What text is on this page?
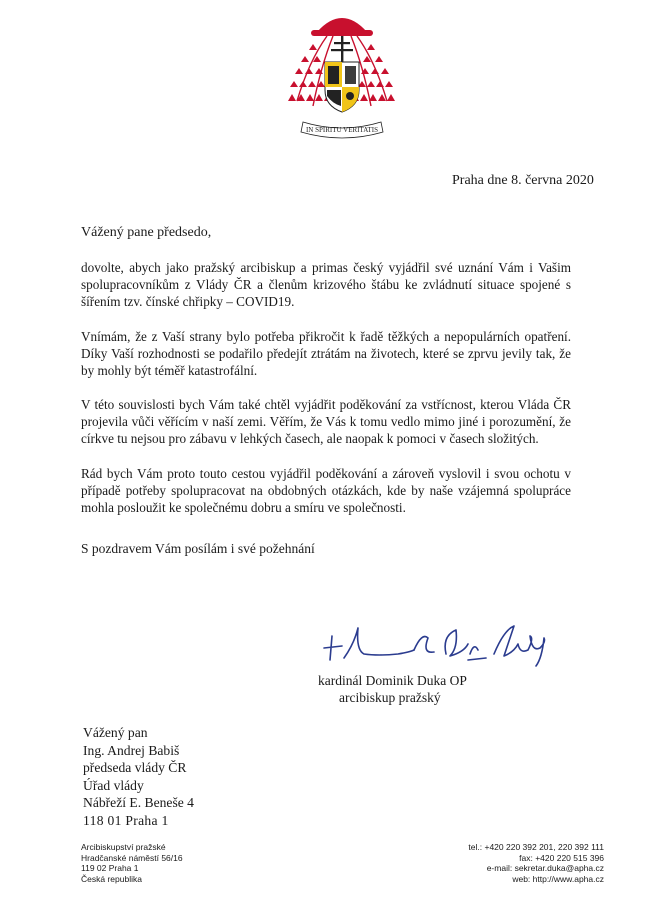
IN SPIRITU VERITATIS
Praha dne 8. června 2020
Vážený pane předsedo,

dovolte, abych jako pražský arcibiskup a primas český vyjádřil své uznání Vám i Vašim spolupracovníkům z Vlády ČR a členům krizového štábu ke zvládnutí situace spojené s šířením tzv. čínské chřipky – COVID19.

Vnímám, že z Vaší strany bylo potřeba přikročit k řadě těžkých a nepopulárních opatření. Díky Vaší rozhodnosti se podařilo předejít ztrátám na životech, které se zprvu jevily tak, že by mohly být téměř katastrofální.

V této souvislosti bych Vám také chtěl vyjádřit poděkování za vstřícnost, kterou Vláda ČR projevila vůči věřícím v naší zemi. Věřím, že Vás k tomu vedlo mimo jiné i porozumění, že církve tu nejsou pro zábavu v lehkých časech, ale naopak k pomoci v časech složitých.

Rád bych Vám proto touto cestou vyjádřil poděkování a zároveň vyslovil i svou ochotu v případě potřeby spolupracovat na obdobných otázkách, kde by naše vzájemná spolupráce mohla posloužit ke společnému dobru a smíru ve společnosti.

S pozdravem Vám posílám i své požehnání
kardinál Dominik Duka OP
arcibiskup pražský
Vážený pan
Ing. Andrej Babiš
předseda vlády ČR
Úřad vlády
Nábřeží E. Beneše 4
118 01 Praha 1
Arcibiskupství pražské
Hradčanské náměstí 56/16
119 02 Praha 1
Česká republika
tel.: +420 220 392 201, 220 392 111
fax: +420 220 515 396
e-mail: sekretar.duka@apha.cz
web: http://www.apha.cz
